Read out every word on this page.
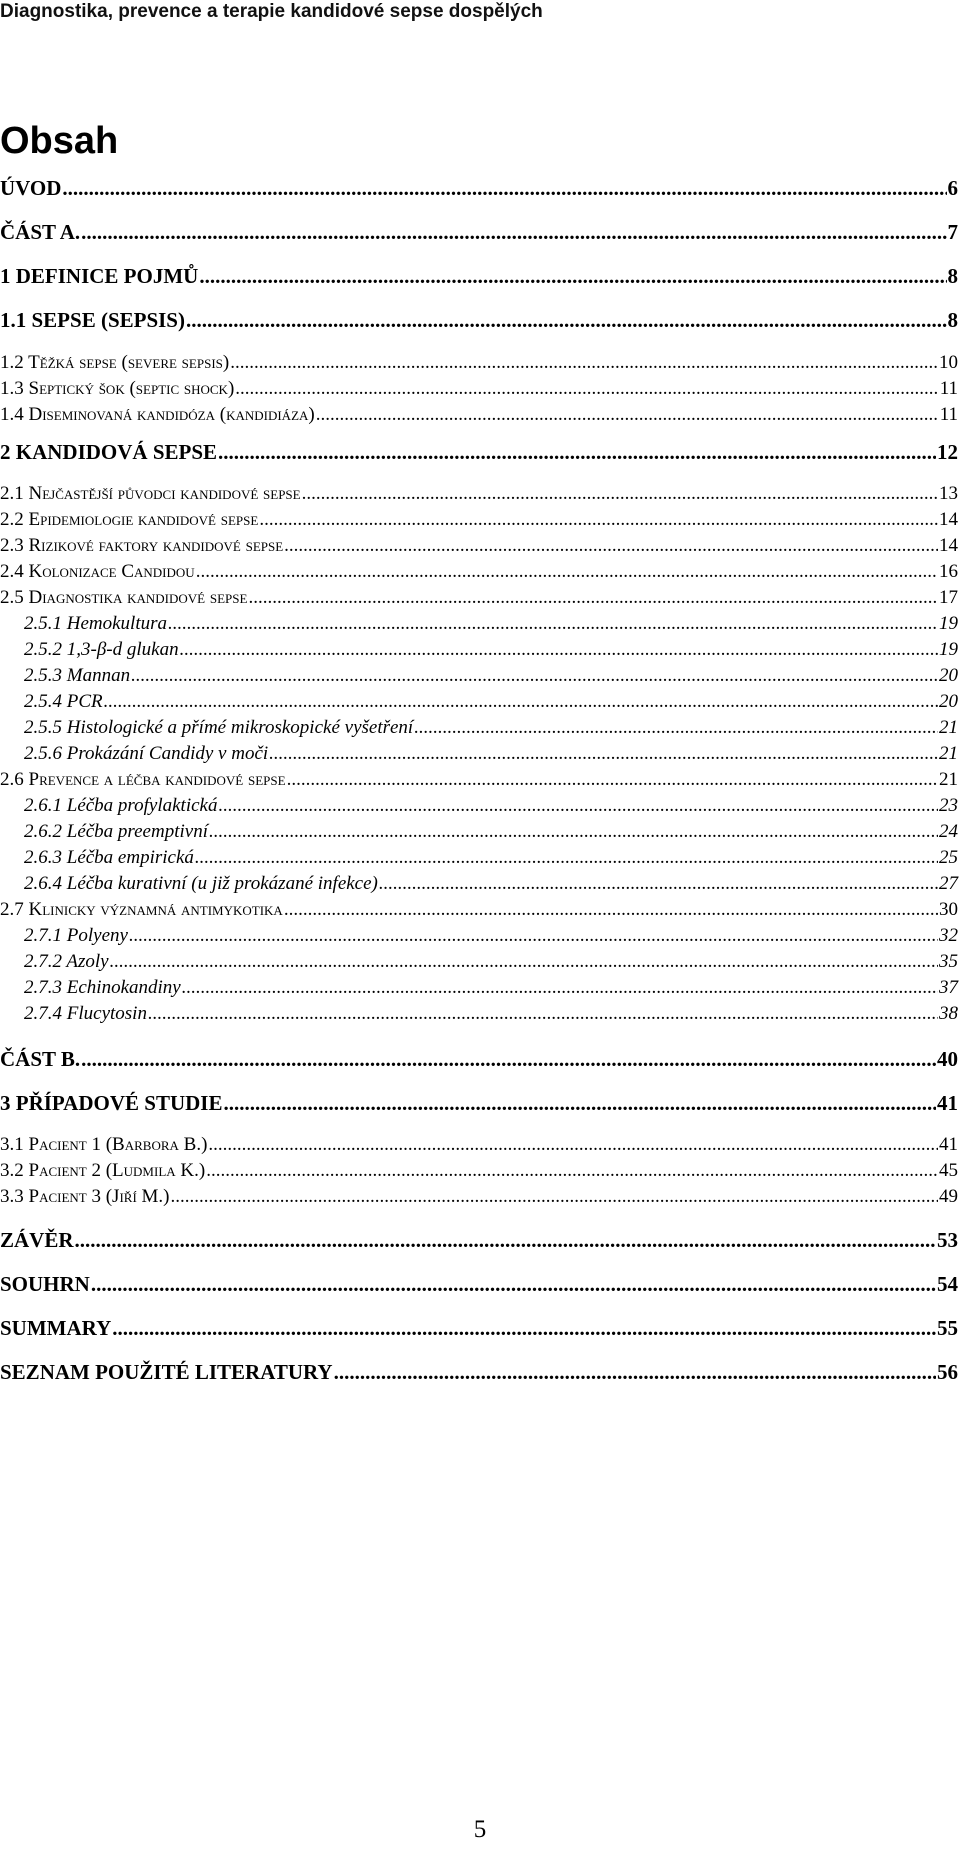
Diagnostika, prevence a terapie kandidové sepse dospělých
Obsah
ÚVOD .....	6
ČÁST A. .....	7
1 DEFINICE POJMŮ .....	8
1.1 SEPSE (SEPSIS) .....	8
1.2 Těžká sepse (severe sepsis) .....	10
1.3 Septický šok (septic shock) .....	11
1.4 Diseminovaná kandidóza (kandidiáza) .....	11
2 KANDIDOVÁ SEPSE .....	12
2.1 Nejčastější původci kandidové sepse .....	13
2.2 Epidemiologie kandidové sepse .....	14
2.3 Rizikové faktory kandidové sepse .....	14
2.4 Kolonizace Candidou .....	16
2.5 Diagnostika kandidové sepse .....	17
2.5.1 Hemokultura .....	19
2.5.2 1,3-β-d glukan .....	19
2.5.3 Mannan .....	20
2.5.4 PCR .....	20
2.5.5 Histologické a přímé mikroskopické vyšetření .....	21
2.5.6 Prokázání Candidy v moči .....	21
2.6 Prevence a léčba kandidové sepse .....	21
2.6.1 Léčba profylaktická .....	23
2.6.2 Léčba preemptivní .....	24
2.6.3 Léčba empirická .....	25
2.6.4 Léčba kurativní (u již prokázané infekce) .....	27
2.7 Klinicky významná antimykotika .....	30
2.7.1 Polyeny .....	32
2.7.2 Azoly .....	35
2.7.3 Echinokandiny .....	37
2.7.4 Flucytosin .....	38
ČÁST B. .....	40
3 PŘÍPADOVÉ STUDIE .....	41
3.1 Pacient 1 (Barbora B.) .....	41
3.2 Pacient 2 (Ludmila K.) .....	45
3.3 Pacient 3 (Jiří M.) .....	49
ZÁVĚR .....	53
SOUHRN .....	54
SUMMARY .....	55
SEZNAM POUŽITÉ LITERATURY .....	56
5
